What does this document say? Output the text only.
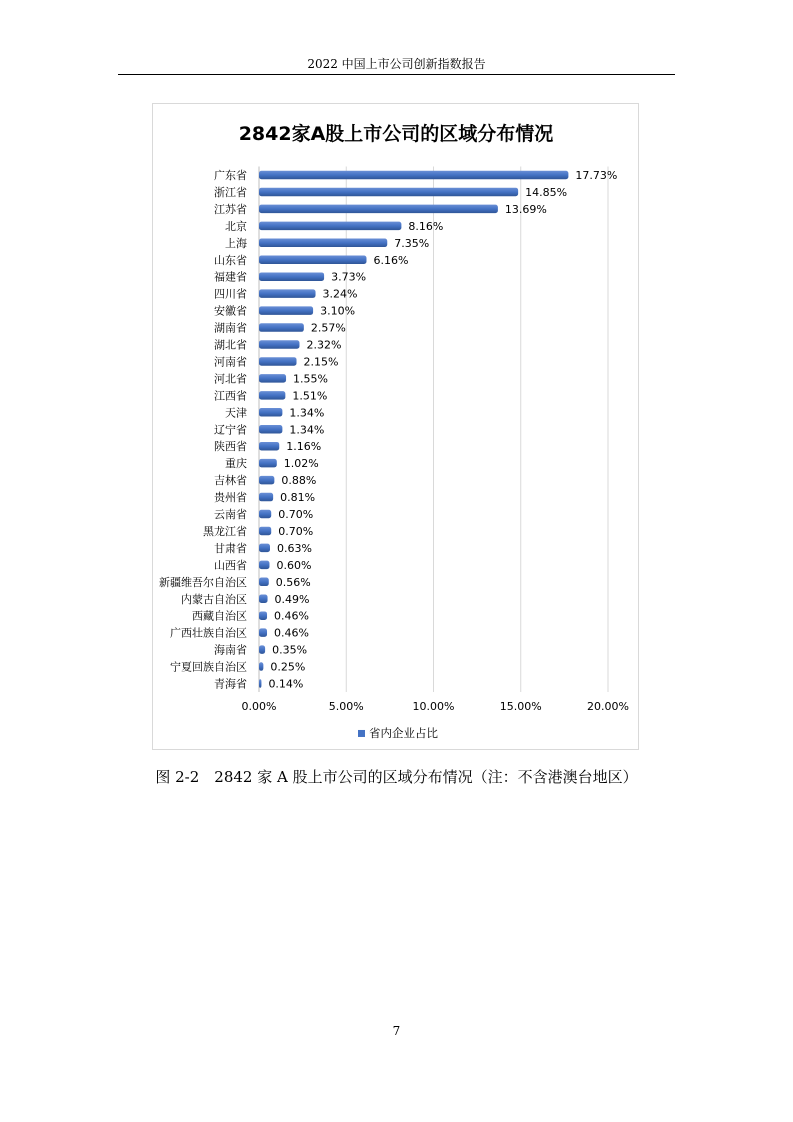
2022 中国上市公司创新指数报告
2842家A股上市公司的区域分布情况
广东省	17.73%
浙江省	14.85%
江苏省	13.69%
北京	8.16%
上海	7.35%
山东省	6.16%
福建省	3.73%
四川省	3.24%
安徽省	3.10%
湖南省	2.57%
湖北省	2.32%
河南省	2.15%
河北省	1.55%
江西省	1.51%
天津	1.34%
辽宁省	1.34%
陕西省	1.16%
重庆	1.02%
吉林省	0.88%
贵州省	0.81%
云南省	0.70%
黑龙江省	0.70%
甘肃省	0.63%
山西省	0.60%
新疆维吾尔自治区	0.56%
内蒙古自治区	0.49%
西藏自治区 0.46%
广西壮族自治区 0.46%
海南省 0.35%
宁夏回族自治区 0.25%
青海省 0.14%
0.00%	5.00%	10.00%	15.00%	20.00%
省内企业占比
图 2-2　2842 家 A 股上市公司的区域分布情况（注：不含港澳台地区）
7
